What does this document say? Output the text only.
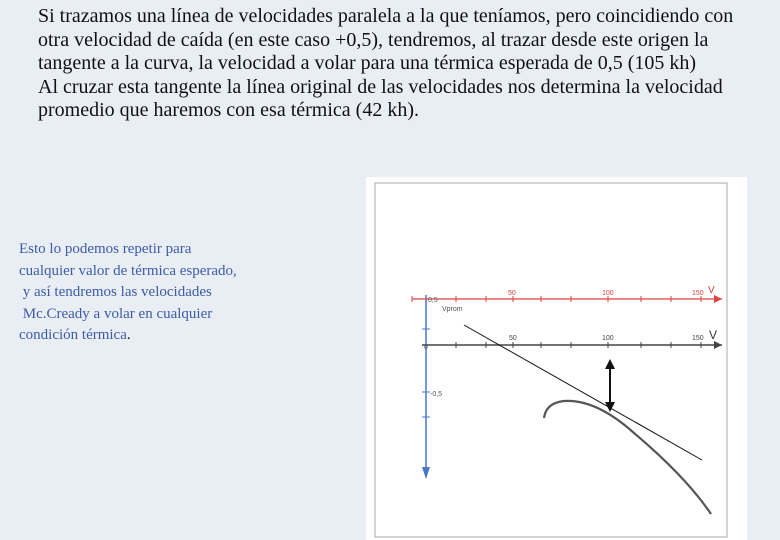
Si trazamos una línea de velocidades paralela a la que teníamos, pero coincidiendo con otra velocidad de caída (en este caso +0,5), tendremos, al trazar desde este origen la tangente a la curva, la velocidad a volar para una térmica esperada de 0,5 (105 kh)

Al cruzar esta tangente la línea original de las velocidades nos determina la velocidad promedio que haremos con esa térmica (42 kh).

Esto lo podemos repetir para
cualquier valor de térmica esperado,
y así tendremos las velocidades
Mc.Cready a volar en cualquier
condición térmica.
0,5
50	100	150 V
Vprom
0
50	100	150 V
-0,5
